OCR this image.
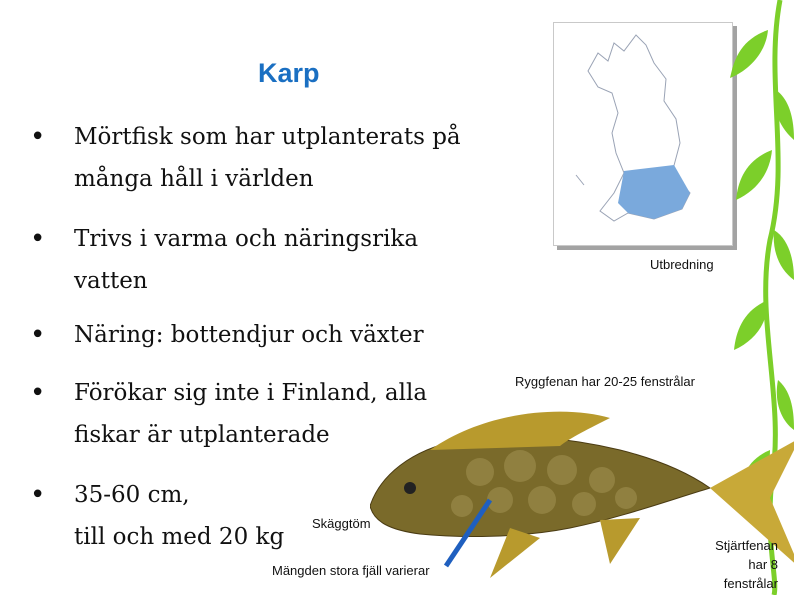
Karp
• Mörtfisk som har utplanterats på
många håll i världen
• Trivs i varma och näringsrika
vatten
• Näring: bottendjur och växter
• Förökar sig inte i Finland, alla
fiskar är utplanterade
• 35-60 cm,
till och med 20 kg
Utbredning
Ryggfenan har 20-25 fenstrålar
Skäggtöm
Mängden stora fjäll varierar
Stjärtfenan
har 8
fenstrålar
